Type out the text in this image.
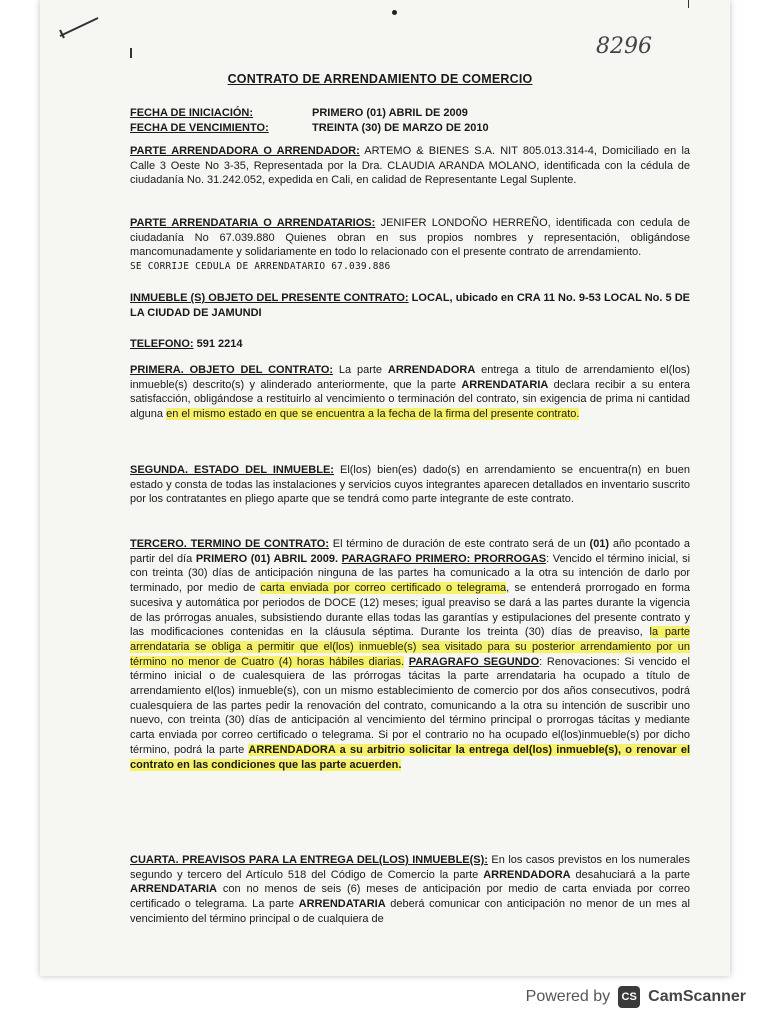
8296
CONTRATO DE ARRENDAMIENTO DE COMERCIO
FECHA DE INICIACIÓN:	PRIMERO (01) ABRIL DE 2009
FECHA DE VENCIMIENTO:	TREINTA (30) DE MARZO DE 2010
PARTE ARRENDADORA O ARRENDADOR: ARTEMO & BIENES S.A. NIT 805.013.314-4, Domiciliado en la Calle 3 Oeste No 3-35, Representada por la Dra. CLAUDIA ARANDA MOLANO, identificada con la cédula de ciudadanía No. 31.242.052, expedida en Cali, en calidad de Representante Legal Suplente.
PARTE ARRENDATARIA O ARRENDATARIOS: JENIFER LONDOÑO HERREÑO, identificada con cedula de ciudadanía No 67.039.880 Quienes obran en sus propios nombres y representación, obligándose mancomunadamente y solidariamente en todo lo relacionado con el presente contrato de arrendamiento.
SE CORRIJE CEDULA DE ARRENDATARIO 67.039.886
INMUEBLE (S) OBJETO DEL PRESENTE CONTRATO: LOCAL, ubicado en CRA 11 No. 9-53 LOCAL No. 5 DE LA CIUDAD DE JAMUNDI
TELEFONO: 591 2214
PRIMERA. OBJETO DEL CONTRATO: La parte ARRENDADORA entrega a titulo de arrendamiento el(los) inmueble(s) descrito(s) y alinderado anteriormente, que la parte ARRENDATARIA declara recibir a su entera satisfacción, obligándose a restituirlo al vencimiento o terminación del contrato, sin exigencia de prima ni cantidad alguna en el mismo estado en que se encuentra a la fecha de la firma del presente contrato.
SEGUNDA. ESTADO DEL INMUEBLE: El(los) bien(es) dado(s) en arrendamiento se encuentra(n) en buen estado y consta de todas las instalaciones y servicios cuyos integrantes aparecen detallados en inventario suscrito por los contratantes en pliego aparte que se tendrá como parte integrante de este contrato.
TERCERO. TERMINO DE CONTRATO: El término de duración de este contrato será de un (01) año pcontado a partir del día PRIMERO (01) ABRIL 2009. PARAGRAFO PRIMERO: PRORROGAS: Vencido el término inicial, si con treinta (30) días de anticipación ninguna de las partes ha comunicado a la otra su intención de darlo por terminado, por medio de carta enviada por correo certificado o telegrama, se entenderá prorrogado en forma sucesiva y automática por periodos de DOCE (12) meses; igual preaviso se dará a las partes durante la vigencia de las prórrogas anuales, subsistiendo durante ellas todas las garantías y estipulaciones del presente contrato y las modificaciones contenidas en la cláusula séptima. Durante los treinta (30) días de preaviso, la parte arrendataria se obliga a permitir que el(los) inmueble(s) sea visitado para su posterior arrendamiento por un término no menor de Cuatro (4) horas hábiles diarias. PARAGRAFO SEGUNDO: Renovaciones: Si vencido el término inicial o de cualesquiera de las prórrogas tácitas la parte arrendataria ha ocupado a título de arrendamiento el(los) inmueble(s), con un mismo establecimiento de comercio por dos años consecutivos, podrá cualesquiera de las partes pedir la renovación del contrato, comunicando a la otra su intención de suscribir uno nuevo, con treinta (30) días de anticipación al vencimiento del término principal o prorrogas tácitas y mediante carta enviada por correo certificado o telegrama. Si por el contrario no ha ocupado el(los)inmueble(s) por dicho término, podrá la parte ARRENDADORA a su arbitrio solicitar la entrega del(los) inmueble(s), o renovar el contrato en las condiciones que las parte acuerden.
CUARTA. PREAVISOS PARA LA ENTREGA DEL(LOS) INMUEBLE(S): En los casos previstos en los numerales segundo y tercero del Artículo 518 del Código de Comercio la parte ARRENDADORA desahuciará a la parte ARRENDATARIA con no menos de seis (6) meses de anticipación por medio de carta enviada por correo certificado o telegrama. La parte ARRENDATARIA deberá comunicar con anticipación no menor de un mes al vencimiento del término principal o de cualquiera de
Powered by	CS CamScanner
